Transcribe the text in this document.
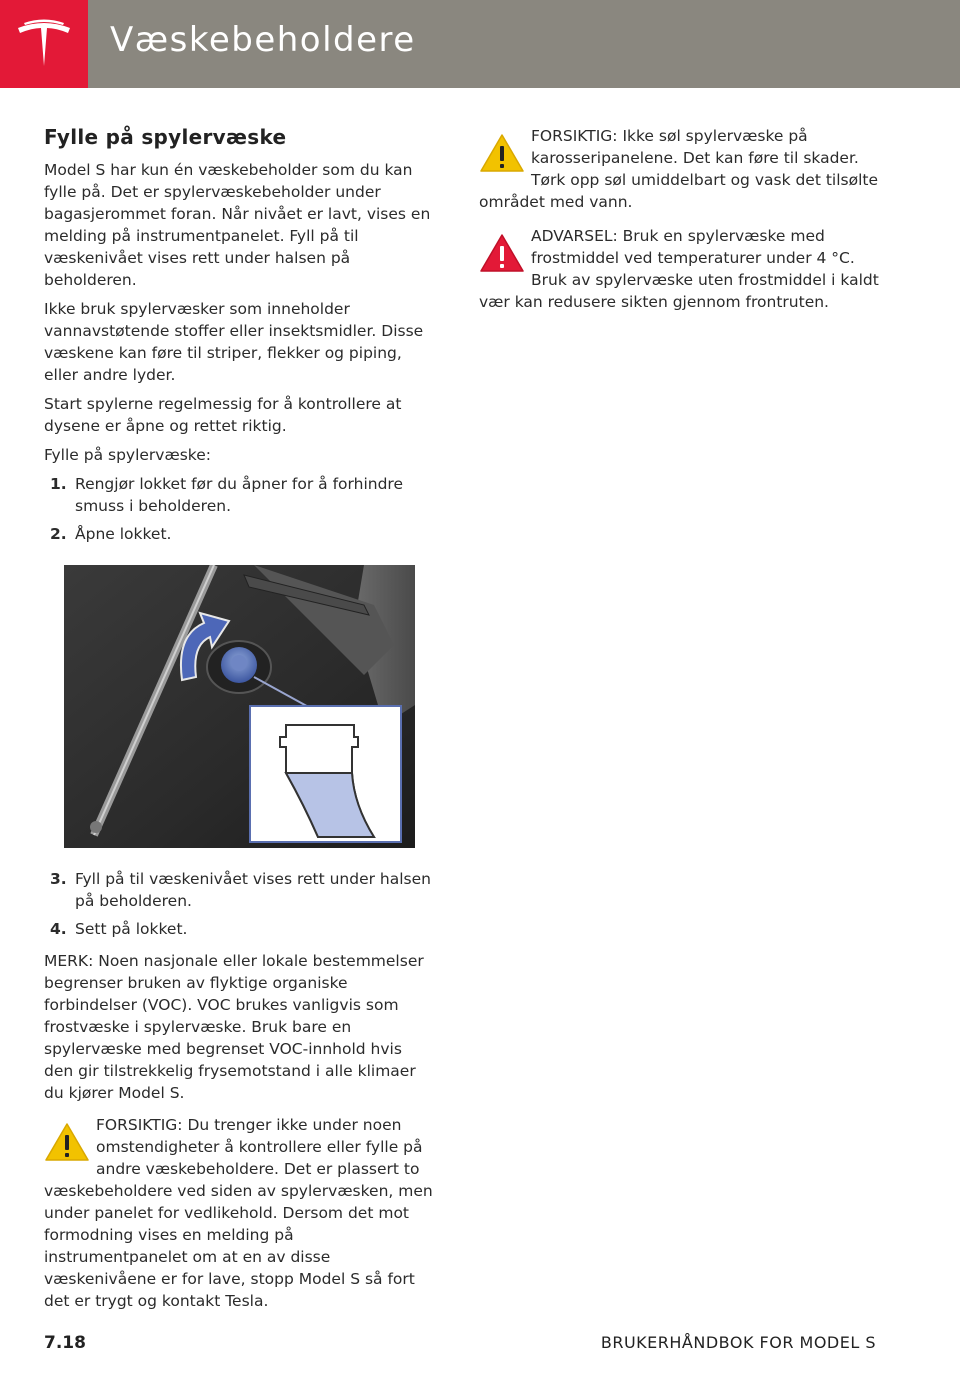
Væskebeholdere
Fylle på spylervæske

Model S har kun én væskebeholder som du kan fylle på. Det er spylervæskebeholder under bagasjerommet foran. Når nivået er lavt, vises en melding på instrumentpanelet. Fyll på til væskenivået vises rett under halsen på beholderen.

Ikke bruk spylervæsker som inneholder vannavstøtende stoffer eller insektsmidler. Disse væskene kan føre til striper, flekker og piping, eller andre lyder.

Start spylerne regelmessig for å kontrollere at dysene er åpne og rettet riktig.

Fylle på spylervæske:

1. Rengjør lokket før du åpner for å forhindre smuss i beholderen.
2. Åpne lokket.
3. Fyll på til væskenivået vises rett under halsen på beholderen.
4. Sett på lokket.

MERK: Noen nasjonale eller lokale bestemmelser begrenser bruken av flyktige organiske forbindelser (VOC). VOC brukes vanligvis som frostvæske i spylervæske. Bruk bare en spylervæske med begrenset VOC-innhold hvis den gir tilstrekkelig frysemotstand i alle klimaer du kjører Model S.

FORSIKTIG: Du trenger ikke under noen omstendigheter å kontrollere eller fylle på andre væskebeholdere. Det er plassert to væskebeholdere ved siden av spylervæsken, men under panelet for vedlikehold. Dersom det mot formodning vises en melding på instrumentpanelet om at en av disse væskenivåene er for lave, stopp Model S så fort det er trygt og kontakt Tesla.
FORSIKTIG: Ikke søl spylervæske på karosseripanelene. Det kan føre til skader. Tørk opp søl umiddelbart og vask det tilsølte området med vann.
ADVARSEL: Bruk en spylervæske med frostmiddel ved temperaturer under 4 °C. Bruk av spylervæske uten frostmiddel i kaldt vær kan redusere sikten gjennom frontruten.
7.18	BRUKERHÅNDBOK FOR MODEL S
